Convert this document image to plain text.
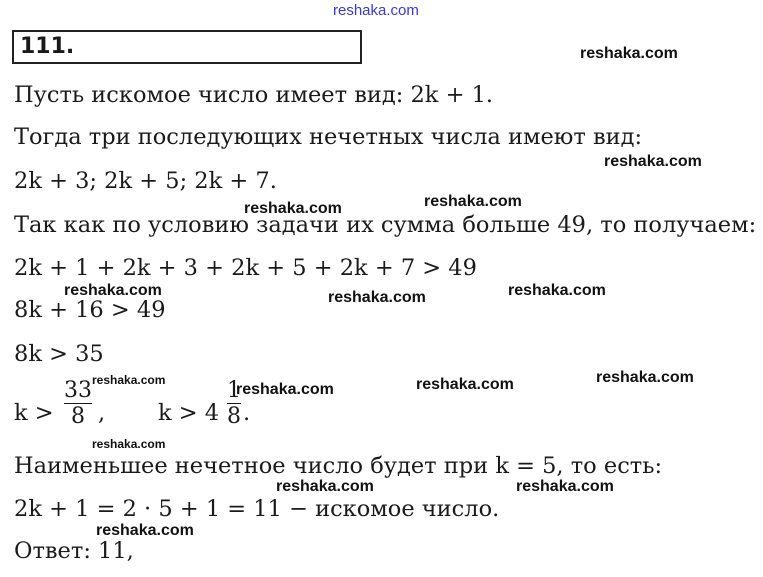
reshaka.com
111.
Пусть искомое число имеет вид: 2k + 1.
Тогда три последующих нечетных числа имеют вид:
2k + 3; 2k + 5; 2k + 7.
Так как по условию задачи их сумма больше 49, то получаем:
2k + 1 + 2k + 3 + 2k + 5 + 2k + 7 > 49
8k + 16 > 49
8k > 35
k >
33
8 , k > 4
1
8 .
Наименьшее нечетное число будет при k = 5, то есть:
2k + 1 = 2 · 5 + 1 = 11 − искомое число.
Ответ: 11,
reshaka.com
reshaka.com
reshaka.com
reshaka.com
reshaka.com	reshaka.com	reshaka.com
reshaka.com
reshaka.com	reshaka.com	reshaka.com
reshaka.com
reshaka.com	reshaka.com
reshaka.com
